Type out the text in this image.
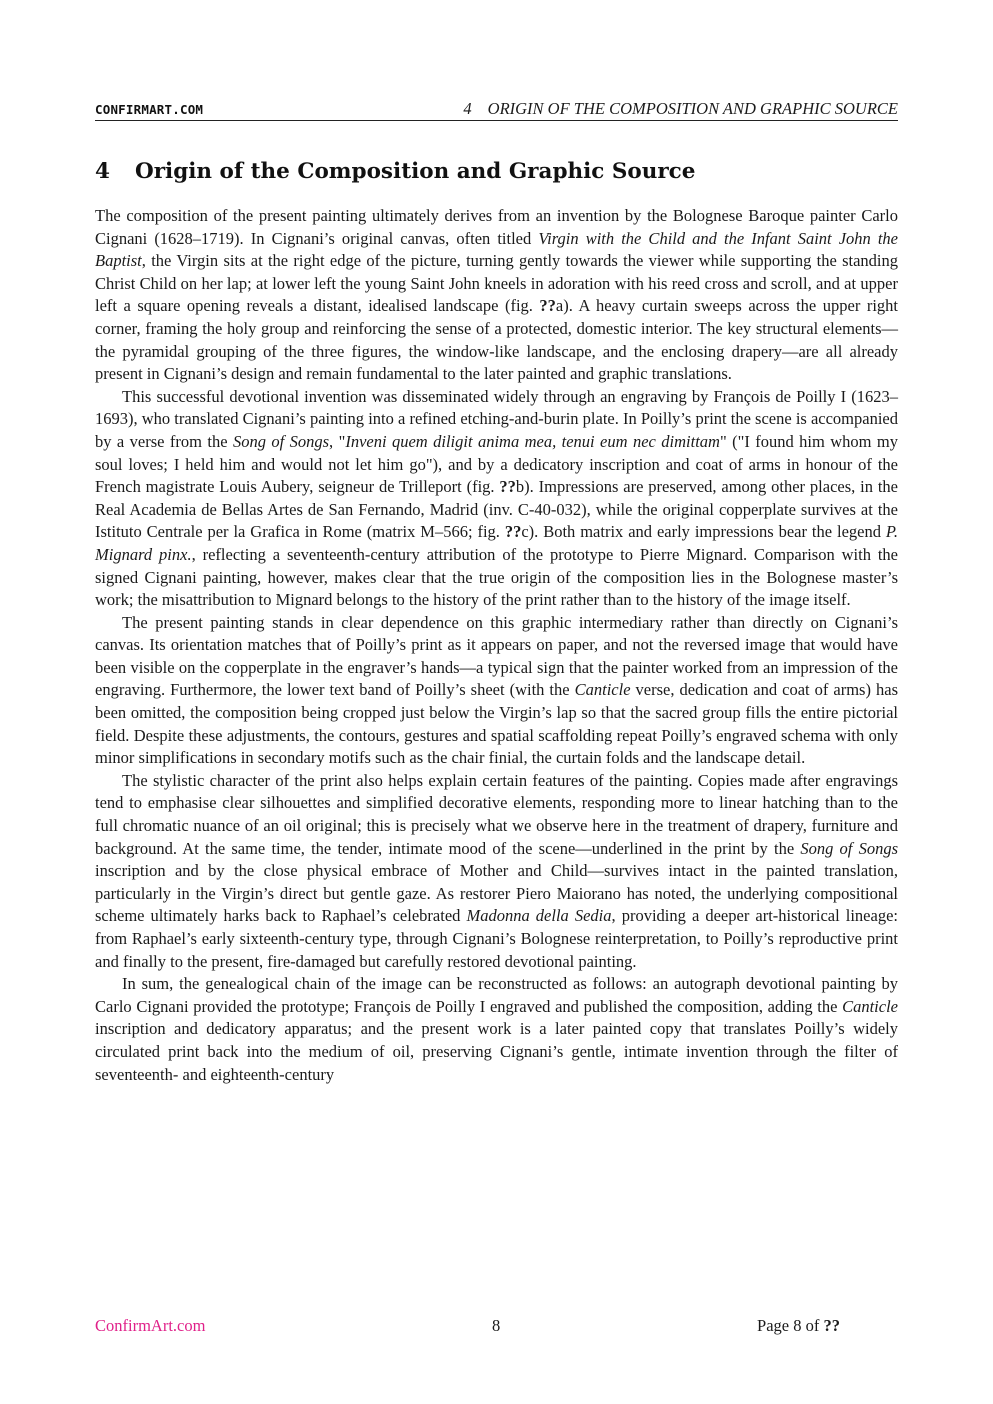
CONFIRMART.COM	4 ORIGIN OF THE COMPOSITION AND GRAPHIC SOURCE
4 Origin of the Composition and Graphic Source

The composition of the present painting ultimately derives from an invention by the Bolognese Baroque painter Carlo Cignani (1628–1719). In Cignani’s original canvas, often titled Virgin with the Child and the Infant Saint John the Baptist, the Virgin sits at the right edge of the picture, turning gently towards the viewer while supporting the standing Christ Child on her lap; at lower left the young Saint John kneels in adoration with his reed cross and scroll, and at upper left a square opening reveals a distant, idealised landscape (fig. ??a). A heavy curtain sweeps across the upper right corner, framing the holy group and reinforcing the sense of a protected, domestic interior. The key structural elements—the pyramidal grouping of the three figures, the window-like landscape, and the enclosing drapery—are all already present in Cignani’s design and remain fundamental to the later painted and graphic translations.

This successful devotional invention was disseminated widely through an engraving by François de Poilly I (1623–1693), who translated Cignani’s painting into a refined etching-and-burin plate. In Poilly’s print the scene is accompanied by a verse from the Song of Songs, "Inveni quem diligit anima mea, tenui eum nec dimittam" ("I found him whom my soul loves; I held him and would not let him go"), and by a dedicatory inscription and coat of arms in honour of the French magistrate Louis Aubery, seigneur de Trilleport (fig. ??b). Impressions are preserved, among other places, in the Real Academia de Bellas Artes de San Fernando, Madrid (inv. C-40-032), while the original copperplate survives at the Istituto Centrale per la Grafica in Rome (matrix M–566; fig. ??c). Both matrix and early impressions bear the legend P. Mignard pinx., reflecting a seventeenth-century attribution of the prototype to Pierre Mignard. Comparison with the signed Cignani painting, however, makes clear that the true origin of the composition lies in the Bolognese master’s work; the misattribution to Mignard belongs to the history of the print rather than to the history of the image itself.

The present painting stands in clear dependence on this graphic intermediary rather than directly on Cignani’s canvas. Its orientation matches that of Poilly’s print as it appears on paper, and not the reversed image that would have been visible on the copperplate in the engraver’s hands—a typical sign that the painter worked from an impression of the engraving. Furthermore, the lower text band of Poilly’s sheet (with the Canticle verse, dedication and coat of arms) has been omitted, the composition being cropped just below the Virgin’s lap so that the sacred group fills the entire pictorial field. Despite these adjustments, the contours, gestures and spatial scaffolding repeat Poilly’s engraved schema with only minor simplifications in secondary motifs such as the chair finial, the curtain folds and the landscape detail.

The stylistic character of the print also helps explain certain features of the painting. Copies made after engravings tend to emphasise clear silhouettes and simplified decorative elements, responding more to linear hatching than to the full chromatic nuance of an oil original; this is precisely what we observe here in the treatment of drapery, furniture and background. At the same time, the tender, intimate mood of the scene—underlined in the print by the Song of Songs inscription and by the close physical embrace of Mother and Child—survives intact in the painted translation, particularly in the Virgin’s direct but gentle gaze. As restorer Piero Maiorano has noted, the underlying compositional scheme ultimately harks back to Raphael’s celebrated Madonna della Sedia, providing a deeper art-historical lineage: from Raphael’s early sixteenth-century type, through Cignani’s Bolognese reinterpretation, to Poilly’s reproductive print and finally to the present, fire-damaged but carefully restored devotional painting.

In sum, the genealogical chain of the image can be reconstructed as follows: an autograph devotional painting by Carlo Cignani provided the prototype; François de Poilly I engraved and published the composition, adding the Canticle inscription and dedicatory apparatus; and the present work is a later painted copy that translates Poilly’s widely circulated print back into the medium of oil, preserving Cignani’s gentle, intimate invention through the filter of seventeenth- and eighteenth-century

ConfirmArt.com	8	Page 8 of ??
